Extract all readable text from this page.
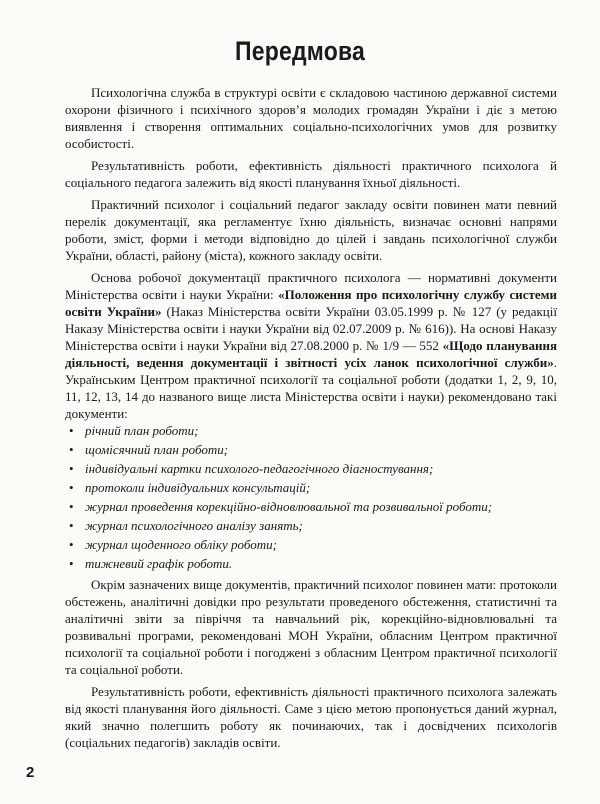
Передмова

Психологічна служба в структурі освіти є складовою частиною державної системи охорони фізичного і психічного здоров’я молодих громадян України і діє з метою виявлення і створення оптимальних соціально-психологічних умов для розвитку особистості.

Результативність роботи, ефективність діяльності практичного психолога й соціального педагога залежить від якості планування їхньої діяльності.

Практичний психолог і соціальний педагог закладу освіти повинен мати певний перелік документації, яка регламентує їхню діяльність, визначає основні напрями роботи, зміст, форми і методи відповідно до цілей і завдань психологічної служби України, області, району (міста), кожного закладу освіти.

Основа робочої документації практичного психолога — нормативні документи Міністерства освіти і науки України: «Положення про психологічну службу системи освіти України» (Наказ Міністерства освіти України 03.05.1999 р. № 127 (у редакції Наказу Міністерства освіти і науки України від 02.07.2009 р. № 616)). На основі Наказу Міністерства освіти і науки України від 27.08.2000 р. № 1/9 — 552 «Щодо планування діяльності, ведення документації і звітності усіх ланок психологічної служби». Українським Центром практичної психології та соціальної роботи (додатки 1, 2, 9, 10, 11, 12, 13, 14 до названого вище листа Міністерства освіти і науки) рекомендовано такі документи:

• річний план роботи;
• щомісячний план роботи;
• індивідуальні картки психолого-педагогічного діагностування;
• протоколи індивідуальних консультацій;
• журнал проведення корекційно-відновлювальної та розвивальної роботи;
• журнал психологічного аналізу занять;
• журнал щоденного обліку роботи;
• тижневий графік роботи.

Окрім зазначених вище документів, практичний психолог повинен мати: протоколи обстежень, аналітичні довідки про результати проведеного обстеження, статистичні та аналітичні звіти за півріччя та навчальний рік, корекційно-відновлювальні та розвивальні програми, рекомендовані МОН України, обласним Центром практичної психології та соціальної роботи і погоджені з обласним Центром практичної психології та соціальної роботи.

Результативність роботи, ефективність діяльності практичного психолога залежать від якості планування його діяльності. Саме з цією метою пропонується даний журнал, який значно полегшить роботу як починаючих, так і досвідчених психологів (соціальних педагогів) закладів освіти.

2
